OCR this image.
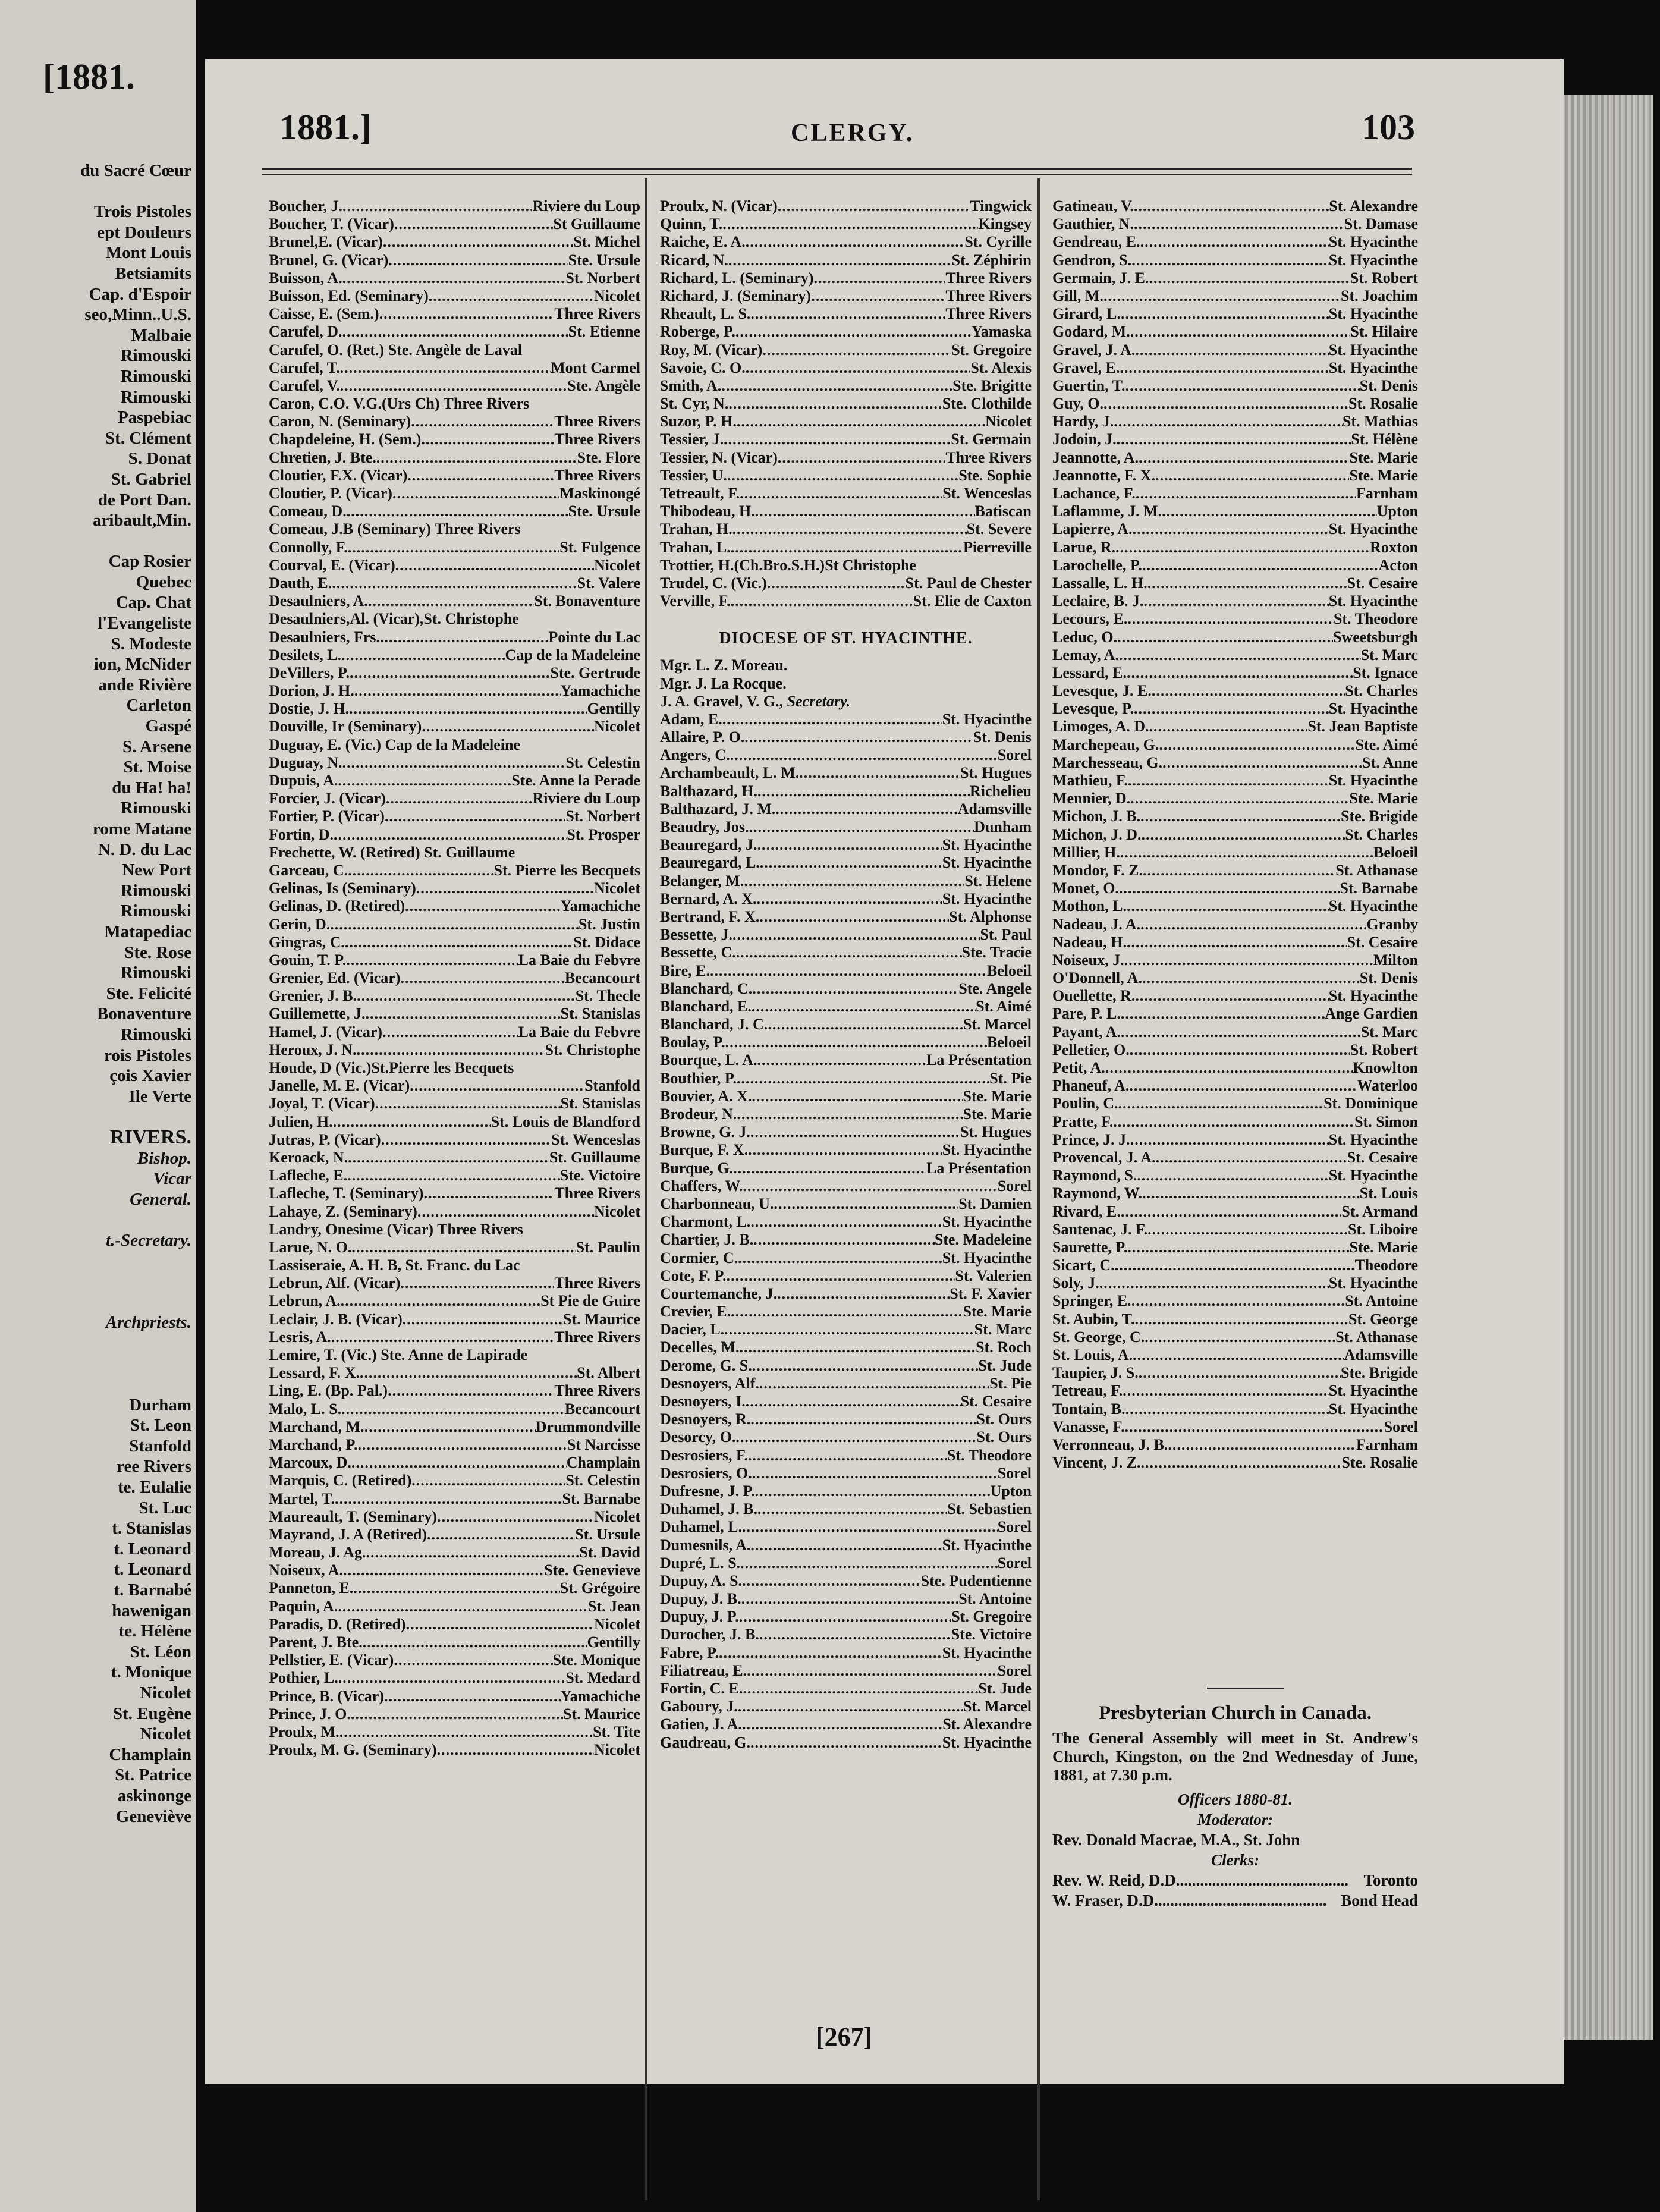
[1881.
du Sacré Cœur
Trois Pistoles
ept Douleurs
Mont Louis
Betsiamits
Cap. d'Espoir
seo,Minn..U.S.
Malbaie
Rimouski
Rimouski
Rimouski
Paspebiac
St. Clément
S. Donat
St. Gabriel
de Port Dan.
aribault,Min.
Cap Rosier
Quebec
Cap. Chat
l'Evangeliste
S. Modeste
ion, McNider
ande Rivière
Carleton
Gaspé
S. Arsene
St. Moise
du Ha! ha!
Rimouski
rome Matane
N. D. du Lac
New Port
Rimouski
Rimouski
Matapediac
Ste. Rose
Rimouski
Ste. Felicité
Bonaventure
Rimouski
rois Pistoles
çois Xavier
Ile Verte
RIVERS.
Bishop.
Vicar
General.
t.-Secretary.
Archpriests.
Durham
St. Leon
Stanfold
ree Rivers
te. Eulalie
St. Luc
t. Stanislas
t. Leonard
t. Leonard
t. Barnabé
hawenigan
te. Hélène
St. Léon
t. Monique
Nicolet
St. Eugène
Nicolet
Champlain
St. Patrice
askinonge
Geneviève
1881.]	CLERGY.	103
Boucher, J. .....	Riviere du Loup
Boucher, T. (Vicar) .....	St Guillaume
Brunel,E. (Vicar) .....	St. Michel
Brunel, G. (Vicar) .....	Ste. Ursule
Buisson, A. .....	St. Norbert
Buisson, Ed. (Seminary) .....	Nicolet
Caisse, E. (Sem.) .....	Three Rivers
Carufel, D. .....	St. Etienne
Carufel, O. (Ret.) Ste. Angèle de Laval
Carufel, T. .....	Mont Carmel
Carufel, V. .....	Ste. Angèle
Caron, C.O. V.G.(Urs Ch) Three Rivers
Caron, N. (Seminary) .....	Three Rivers
Chapdeleine, H. (Sem.) .....	Three Rivers
Chretien, J. Bte. .....	Ste. Flore
Cloutier, F.X. (Vicar) .....	Three Rivers
Cloutier, P. (Vicar) .....	Maskinongé
Comeau, D. .....	Ste. Ursule
Comeau, J.B (Seminary) Three Rivers
Connolly, F. .....	St. Fulgence
Courval, E. (Vicar) .....	Nicolet
Dauth, E. .....	St. Valere
Desaulniers, A. .....	St. Bonaventure
Desaulniers,Al. (Vicar),St. Christophe
Desaulniers, Frs. .....	Pointe du Lac
Desilets, L. .....	Cap de la Madeleine
DeVillers, P. .....	Ste. Gertrude
Dorion, J. H. .....	Yamachiche
Dostie, J. H. .....	Gentilly
Douville, Ir (Seminary) .....	Nicolet
Duguay, E. (Vic.) Cap de la Madeleine
Duguay, N. .....	St. Celestin
Dupuis, A. .....	Ste. Anne la Perade
Forcier, J. (Vicar) .....	Riviere du Loup
Fortier, P. (Vicar) .....	St. Norbert
Fortin, D. .....	St. Prosper
Frechette, W. (Retired) St. Guillaume
Garceau, C. .....	St. Pierre les Becquets
Gelinas, Is (Seminary) .....	Nicolet
Gelinas, D. (Retired) .....	Yamachiche
Gerin, D. .....	St. Justin
Gingras, C. .....	St. Didace
Gouin, T. P. .....	La Baie du Febvre
Grenier, Ed. (Vicar) .....	Becancourt
Grenier, J. B. .....	St. Thecle
Guillemette, J. .....	St. Stanislas
Hamel, J. (Vicar) .....	La Baie du Febvre
Heroux, J. N. .....	St. Christophe
Houde, D (Vic.)St.Pierre les Becquets
Janelle, M. E. (Vicar) .....	Stanfold
Joyal, T. (Vicar) .....	St. Stanislas
Julien, H. .....	St. Louis de Blandford
Jutras, P. (Vicar) .....	St. Wenceslas
Keroack, N. .....	St. Guillaume
Lafleche, E. .....	Ste. Victoire
Lafleche, T. (Seminary) .....	Three Rivers
Lahaye, Z. (Seminary) .....	Nicolet
Landry, Onesime (Vicar) Three Rivers
Larue, N. O. .....	St. Paulin
Lassiseraie, A. H. B, St. Franc. du Lac
Lebrun, Alf. (Vicar) .....	Three Rivers
Lebrun, A. .....	St Pie de Guire
Leclair, J. B. (Vicar) .....	St. Maurice
Lesris, A. .....	Three Rivers
Lemire, T. (Vic.) Ste. Anne de Lapirade
Lessard, F. X. .....	St. Albert
Ling, E. (Bp. Pal.) .....	Three Rivers
Malo, L. S. .....	Becancourt
Marchand, M. .....	Drummondville
Marchand, P. .....	St Narcisse
Marcoux, D. .....	Champlain
Marquis, C. (Retired) .....	St. Celestin
Martel, T. .....	St. Barnabe
Maureault, T. (Seminary) .....	Nicolet
Mayrand, J. A (Retired) .....	St. Ursule
Moreau, J. Ag. .....	St. David
Noiseux, A. .....	Ste. Genevieve
Panneton, E. .....	St. Grégoire
Paquin, A. .....	St. Jean
Paradis, D. (Retired) .....	Nicolet
Parent, J. Bte. .....	Gentilly
Pellstier, E. (Vicar) .....	Ste. Monique
Pothier, L. .....	St. Medard
Prince, B. (Vicar) .....	Yamachiche
Prince, J. O. .....	St. Maurice
Proulx, M. .....	St. Tite
Proulx, M. G. (Seminary) .....	Nicolet
Proulx, N. (Vicar) .....	Tingwick
Quinn, T. .....	Kingsey
Raiche, E. A. .....	St. Cyrille
Ricard, N. .....	St. Zéphirin
Richard, L. (Seminary) .....	Three Rivers
Richard, J. (Seminary) .....	Three Rivers
Rheault, L. S. .....	Three Rivers
Roberge, P. .....	Yamaska
Roy, M. (Vicar) .....	St. Gregoire
Savoie, C. O. .....	St. Alexis
Smith, A. .....	Ste. Brigitte
St. Cyr, N. .....	Ste. Clothilde
Suzor, P. H. .....	Nicolet
Tessier, J. .....	St. Germain
Tessier, N. (Vicar) .....	Three Rivers
Tessier, U. .....	Ste. Sophie
Tetreault, F. .....	St. Wenceslas
Thibodeau, H. .....	Batiscan
Trahan, H. .....	St. Severe
Trahan, L. .....	Pierreville
Trottier, H.(Ch.Bro.S.H.)St Christophe
Trudel, C. (Vic.) .....	St. Paul de Chester
Verville, F. .....	St. Elie de Caxton
DIOCESE OF ST. HYACINTHE.
Mgr. L. Z. Moreau.
Mgr. J. La Rocque.
J. A. Gravel, V. G., Secretary.
Adam, E. .....	St. Hyacinthe
Allaire, P. O. .....	St. Denis
Angers, C. .....	Sorel
Archambeault, L. M. .....	St. Hugues
Balthazard, H. .....	Richelieu
Balthazard, J. M. .....	Adamsville
Beaudry, Jos. .....	Dunham
Beauregard, J. .....	St. Hyacinthe
Beauregard, L. .....	St. Hyacinthe
Belanger, M. .....	St. Helene
Bernard, A. X. .....	St. Hyacinthe
Bertrand, F. X. .....	St. Alphonse
Bessette, J. .....	St. Paul
Bessette, C. .....	Ste. Tracie
Bire, E. .....	Beloeil
Blanchard, C. .....	Ste. Angele
Blanchard, E. .....	St. Aimé
Blanchard, J. C. .....	St. Marcel
Boulay, P. .....	Beloeil
Bourque, L. A. .....	La Présentation
Bouthier, P. .....	St. Pie
Bouvier, A. X. .....	Ste. Marie
Brodeur, N. .....	Ste. Marie
Browne, G. J. .....	St. Hugues
Burque, F. X. .....	St. Hyacinthe
Burque, G. .....	La Présentation
Chaffers, W. .....	Sorel
Charbonneau, U. .....	St. Damien
Charmont, L. .....	St. Hyacinthe
Chartier, J. B. .....	Ste. Madeleine
Cormier, C. .....	St. Hyacinthe
Cote, F. P. .....	St. Valerien
Courtemanche, J. .....	St. F. Xavier
Crevier, E. .....	Ste. Marie
Dacier, L. .....	St. Marc
Decelles, M. .....	St. Roch
Derome, G. S. .....	St. Jude
Desnoyers, Alf. .....	St. Pie
Desnoyers, I. .....	St. Cesaire
Desnoyers, R. .....	St. Ours
Desorcy, O. .....	St. Ours
Desrosiers, F. .....	St. Theodore
Desrosiers, O. .....	Sorel
Dufresne, J. P. .....	Upton
Duhamel, J. B. .....	St. Sebastien
Duhamel, L. .....	Sorel
Dumesnils, A. .....	St. Hyacinthe
Dupré, L. S. .....	Sorel
Dupuy, A. S. .....	Ste. Pudentienne
Dupuy, J. B. .....	St. Antoine
Dupuy, J. P. .....	St. Gregoire
Durocher, J. B. .....	Ste. Victoire
Fabre, P. .....	St. Hyacinthe
Filiatreau, E. .....	Sorel
Fortin, C. E. .....	St. Jude
Gaboury, J. .....	St. Marcel
Gatien, J. A. .....	St. Alexandre
Gaudreau, G. .....	St. Hyacinthe
Gatineau, V. .....	St. Alexandre
Gauthier, N. .....	St. Damase
Gendreau, E. .....	St. Hyacinthe
Gendron, S. .....	St. Hyacinthe
Germain, J. E. .....	St. Robert
Gill, M. .....	St. Joachim
Girard, L. .....	St. Hyacinthe
Godard, M. .....	St. Hilaire
Gravel, J. A. .....	St. Hyacinthe
Gravel, E. .....	St. Hyacinthe
Guertin, T. .....	St. Denis
Guy, O. .....	St. Rosalie
Hardy, J. .....	St. Mathias
Jodoin, J. .....	St. Hélène
Jeannotte, A. .....	Ste. Marie
Jeannotte, F. X. .....	Ste. Marie
Lachance, F. .....	Farnham
Laflamme, J. M. .....	Upton
Lapierre, A. .....	St. Hyacinthe
Larue, R. .....	Roxton
Larochelle, P. .....	Acton
Lassalle, L. H. .....	St. Cesaire
Leclaire, B. J. .....	St. Hyacinthe
Lecours, E. .....	St. Theodore
Leduc, O. .....	Sweetsburgh
Lemay, A. .....	St. Marc
Lessard, E. .....	St. Ignace
Levesque, J. E. .....	St. Charles
Levesque, P. .....	St. Hyacinthe
Limoges, A. D. .....	St. Jean Baptiste
Marchepeau, G. .....	Ste. Aimé
Marchesseau, G. .....	St. Anne
Mathieu, F. .....	St. Hyacinthe
Mennier, D. .....	Ste. Marie
Michon, J. B. .....	Ste. Brigide
Michon, J. D. .....	St. Charles
Millier, H. .....	Beloeil
Mondor, F. Z. .....	St. Athanase
Monet, O. .....	St. Barnabe
Mothon, L. .....	St. Hyacinthe
Nadeau, J. A. .....	Granby
Nadeau, H. .....	St. Cesaire
Noiseux, J. .....	Milton
O'Donnell, A. .....	St. Denis
Ouellette, R. .....	St. Hyacinthe
Pare, P. L. .....	Ange Gardien
Payant, A. .....	St. Marc
Pelletier, O. .....	St. Robert
Petit, A. .....	Knowlton
Phaneuf, A. .....	Waterloo
Poulin, C. .....	St. Dominique
Pratte, F. .....	St. Simon
Prince, J. J. .....	St. Hyacinthe
Provencal, J. A. .....	St. Cesaire
Raymond, S. .....	St. Hyacinthe
Raymond, W. .....	St. Louis
Rivard, E. .....	St. Armand
Santenac, J. F. .....	St. Liboire
Saurette, P. .....	Ste. Marie
Sicart, C. .....	Theodore
Soly, J. .....	St. Hyacinthe
Springer, E. .....	St. Antoine
St. Aubin, T. .....	St. George
St. George, C. .....	St. Athanase
St. Louis, A. .....	Adamsville
Taupier, J. S. .....	Ste. Brigide
Tetreau, F. .....	St. Hyacinthe
Tontain, B. .....	St. Hyacinthe
Vanasse, F. .....	Sorel
Verronneau, J. B. .....	Farnham
Vincent, J. Z. .....	Ste. Rosalie
Presbyterian Church in Canada.

The General Assembly will meet in St. Andrew's Church, Kingston, on the 2nd Wednesday of June, 1881, at 7.30 p.m.

Officers 1880-81.
Moderator:
Rev. Donald Macrae, M.A., St. John
Clerks:
Rev. W. Reid, D.D. .....	Toronto
W. Fraser, D.D. .....	Bond Head
[267]
